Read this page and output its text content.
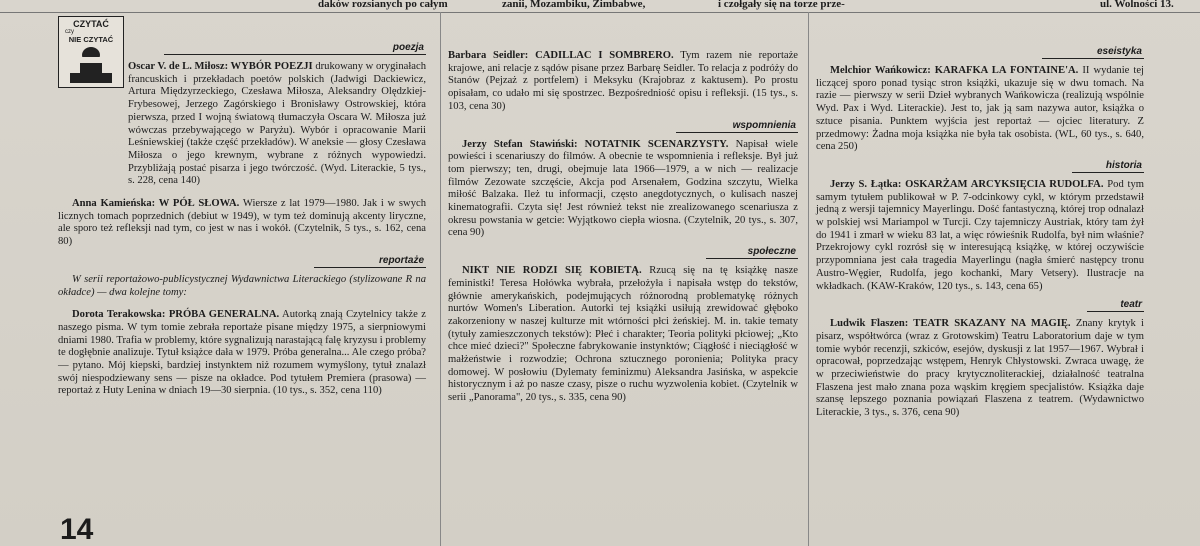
daków rozsianych po całym	zanii, Mozambiku, Zimbabwe,	i czołgały się na torze prze-	ul. Wolności 13.
CZYTAĆ
czy
NIE CZYTAĆ
poezja

Oscar V. de L. Miłosz: WYBÓR POEZJI drukowany w oryginałach francuskich i przekładach poetów polskich (Jadwigi Dackiewicz, Artura Międzyrzeckiego, Czesława Miłosza, Aleksandry Olędzkiej-Frybesowej, Jerzego Zagórskiego i Bronisławy Ostrowskiej, która pierwsza, przed I wojną światową tłumaczyła Oscara W. Miłosza już wówczas przebywającego w Paryżu). Wybór i opracowanie Marii Leśniewskiej (także część przekładów). W aneksie — głosy Czesława Miłosza o jego krewnym, wybrane z różnych wypowiedzi. Przybliżają postać pisarza i jego twórczość. (Wyd. Literackie, 5 tys., s. 228, cena 140)

Anna Kamieńska: W PÓŁ SŁOWA. Wiersze z lat 1979—1980. Jak i w swych licznych tomach poprzednich (debiut w 1949), w tym też dominują akcenty liryczne, ale sporo też refleksji nad tym, co jest w nas i wokół. (Czytelnik, 5 tys., s. 162, cena 80)

reportaże

W serii reportażowo-publicystycznej Wydawnictwa Literackiego (stylizowane R na okładce) — dwa kolejne tomy:

Dorota Terakowska: PRÓBA GENERALNA. Autorką znają Czytelnicy także z naszego pisma. W tym tomie zebrała reportaże pisane między 1975, a sierpniowymi dniami 1980. Trafia w problemy, które sygnalizują narastającą falę kryzysu i problemy te dogłębnie analizuje. Tytuł książce dała w 1979. Próba generalna... Ale czego próba? — pytano. Mój kiepski, bardziej instynktem niż rozumem wymyślony, tytuł znalazł swój niespodziewany sens — pisze na okładce. Pod tytułem Premiera (prasowa) — reportaż z Huty Lenina w dniach 19—30 sierpnia. (10 tys., s. 352, cena 110)

Barbara Seidler: CADILLAC I SOMBRERO. Tym razem nie reportaże krajowe, ani relacje z sądów pisane przez Barbarę Seidler. To relacja z podróży do Stanów (Pejzaż z portfelem) i Meksyku (Krajobraz z kaktusem). Po prostu opisałam, co udało mi się spostrzec. Bezpośredniość opisu i refleksji. (15 tys., s. 103, cena 30)

wspomnienia

Jerzy Stefan Stawiński: NOTATNIK SCENARZYSTY. Napisał wiele powieści i scenariuszy do filmów. A obecnie te wspomnienia i refleksje. Był już tom pierwszy; ten, drugi, obejmuje lata 1966—1979, a w nich — realizacje filmów Zezowate szczęście, Akcja pod Arsenałem, Godzina szczytu, Wielka miłość Balzaka. Ileż tu informacji, często anegdotycznych, o kulisach naszej kinematografii. Czyta się! Jest również tekst nie zrealizowanego scenariusza z okresu powstania w getcie: Wyjątkowo ciepła wiosna. (Czytelnik, 20 tys., s. 307, cena 90)

społeczne

NIKT NIE RODZI SIĘ KOBIETĄ. Rzucą się na tę książkę nasze feministki! Teresa Hołówka wybrała, przełożyła i napisała wstęp do tekstów, głównie amerykańskich, podejmujących różnorodną problematykę różnych nurtów Women's Liberation. Autorki tej książki usiłują zrewidować głęboko zakorzeniony w naszej kulturze mit wtórności płci żeńskiej. M. in. takie tematy (tytuły zamieszczonych tekstów): Płeć i charakter; Teoria polityki płciowej; „Kto chce mieć dzieci?" Społeczne fabrykowanie instynktów; Ciągłość i nieciągłość w małżeństwie i rozwodzie; Ochrona sztucznego poronienia; Polityka pracy domowej. W posłowiu (Dylematy feminizmu) Aleksandra Jasińska, w aspekcie historycznym i aż po nasze czasy, pisze o ruchu wyzwolenia kobiet. (Czytelnik w serii „Panorama", 20 tys., s. 335, cena 90)

eseistyka

Melchior Wańkowicz: KARAFKA LA FONTAINE'A. II wydanie tej liczącej sporo ponad tysiąc stron książki, ukazuje się w dwu tomach. Na razie — pierwszy w serii Dzieł wybranych Wańkowicza (realizują wspólnie Wyd. Pax i Wyd. Literackie). Jest to, jak ją sam nazywa autor, książka o sztuce pisania. Punktem wyjścia jest reportaż — ojciec literatury. Z przedmowy: Żadna moja książka nie była tak osobista. (WL, 60 tys., s. 640, cena 250)

historia

Jerzy S. Łątka: OSKARŻAM ARCYKSIĘCIA RUDOLFA. Pod tym samym tytułem publikował w P. 7-odcinkowy cykl, w którym przedstawił jedną z wersji tajemnicy Mayerlingu. Dość fantastyczną, której trop odnalazł w polskiej wsi Mariampol w Turcji. Czy tajemniczy Austriak, który tam żył do 1941 i zmarł w wieku 83 lat, a więc rówieśnik Rudolfa, był nim właśnie? Przekrojowy cykl rozrósł się w interesującą książkę, w której oczywiście przypomniana jest cała tragedia Mayerlingu (nagła śmierć następcy tronu Austro-Węgier, Rudolfa, jego kochanki, Mary Vetsery). Ilustracje na wkładkach. (KAW-Kraków, 120 tys., s. 143, cena 65)

teatr

Ludwik Flaszen: TEATR SKAZANY NA MAGIĘ. Znany krytyk i pisarz, współtwórca (wraz z Grotowskim) Teatru Laboratorium daje w tym tomie wybór recenzji, szkiców, esejów, dyskusji z lat 1957—1967. Wybrał i opracował, poprzedzając wstępem, Henryk Chłystowski. Zwraca uwagę, że w przeciwieństwie do pracy krytycznoliterackiej, działalność teatralna Flaszena jest mało znana poza wąskim kręgiem specjalistów. Książka daje szansę lepszego poznania powiązań Flaszena z teatrem. (Wydawnictwo Literackie, 3 tys., s. 376, cena 90)

14
